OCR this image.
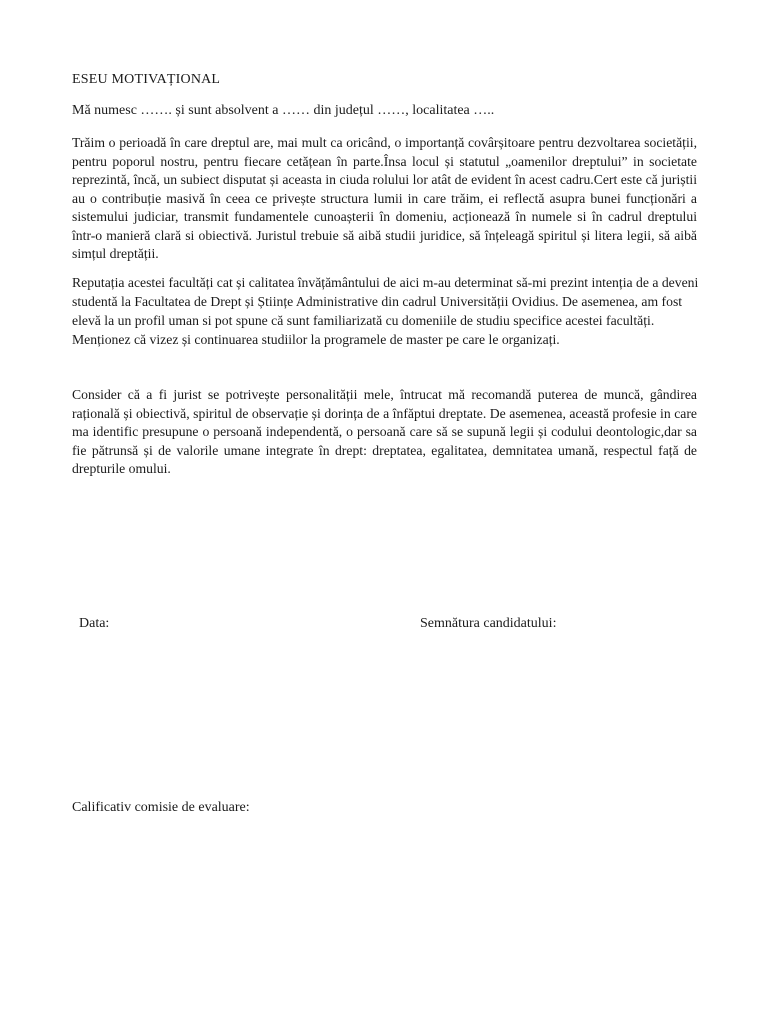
ESEU MOTIVAȚIONAL
Mă numesc ……. și sunt absolvent a …… din județul ……, localitatea …..
Trăim o perioadă în care dreptul are, mai mult ca oricând, o importanță covârșitoare pentru dezvoltarea societății, pentru poporul nostru, pentru fiecare cetățean în parte.Însa locul și statutul „oamenilor dreptului” in societate reprezintă, încă, un subiect disputat și aceasta in ciuda rolului lor atât de evident în acest cadru.Cert este că juriștii au o contribuție masivă în ceea ce privește structura lumii in care trăim, ei reflectă asupra bunei funcționări a sistemului judiciar, transmit fundamentele cunoașterii în domeniu, acționează în numele si în cadrul dreptului într-o manieră clară si obiectivă. Juristul trebuie să aibă studii juridice, să înțeleagă spiritul și litera legii, să aibă simțul dreptății.
Reputația acestei facultăți cat și calitatea învățământului de aici m-au determinat să-mi prezint intenția de a deveni studentă la Facultatea de Drept și Științe Administrative din cadrul Universității Ovidius. De asemenea, am fost elevă la un profil uman si pot spune că sunt familiarizată cu domeniile de studiu specifice acestei facultăți. Menționez că vizez și continuarea studiilor la programele de master pe care le organizați.
Consider că a fi jurist se potrivește personalității mele, întrucat mă recomandă puterea de muncă, gândirea rațională și obiectivă, spiritul de observație și dorința de a înfăptui dreptate. De asemenea, această profesie in care ma identific presupune o persoană independentă, o persoană care să se supună legii și codului deontologic,dar sa fie pătrunsă și de valorile umane integrate în drept: dreptatea, egalitatea, demnitatea umană, respectul față de drepturile omului.
Data:	Semnătura candidatului:
Calificativ comisie de evaluare:
